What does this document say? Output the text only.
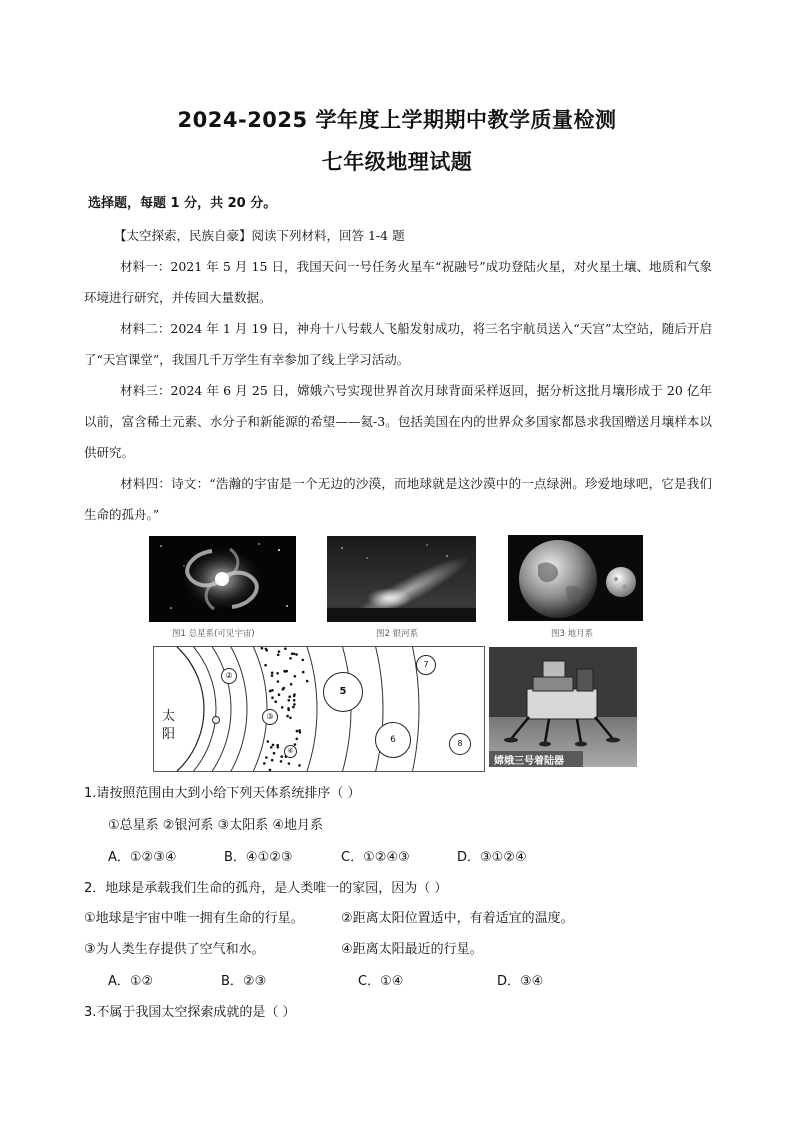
2024-2025 学年度上学期期中教学质量检测
七年级地理试题
选择题，每题 1 分，共 20 分。
【太空探索，民族自豪】阅读下列材料，回答 1-4 题
材料一：2021 年 5 月 15 日，我国天问一号任务火星车“祝融号”成功登陆火星，对火星土壤、地质和气象环境进行研究，并传回大量数据。
材料二：2024 年 1 月 19 日，神舟十八号载人飞船发射成功，将三名宇航员送入“天宫”太空站，随后开启了“天宫课堂”，我国几千万学生有幸参加了线上学习活动。
材料三：2024 年 6 月 25 日，嫦娥六号实现世界首次月球背面采样返回，据分析这批月壤形成于 20 亿年以前，富含稀土元素、水分子和新能源的希望——氦-3。包括美国在内的世界众多国家都恳求我国赠送月壤样本以供研究。
材料四：诗文：“浩瀚的宇宙是一个无边的沙漠，而地球就是这沙漠中的一点绿洲。珍爱地球吧，它是我们生命的孤舟。”
图1 总星系(可见宇宙)	图2 银河系	图3 地月系
太
阳
②
③
④
5
6
7
8
嫦娥三号着陆器
1.请按照范围由大到小给下列天体系统排序（ ）
①总星系 ②银河系 ③太阳系 ④地月系
A．①②③④	B．④①②③	C．①②④③	D．③①②④
2．地球是承载我们生命的孤舟，是人类唯一的家园，因为（ ）
①地球是宇宙中唯一拥有生命的行星。	②距离太阳位置适中，有着适宜的温度。
③为人类生存提供了空气和水。	④距离太阳最近的行星。
A．①②	B．②③	C．①④	D．③④
3.不属于我国太空探索成就的是（ ）
